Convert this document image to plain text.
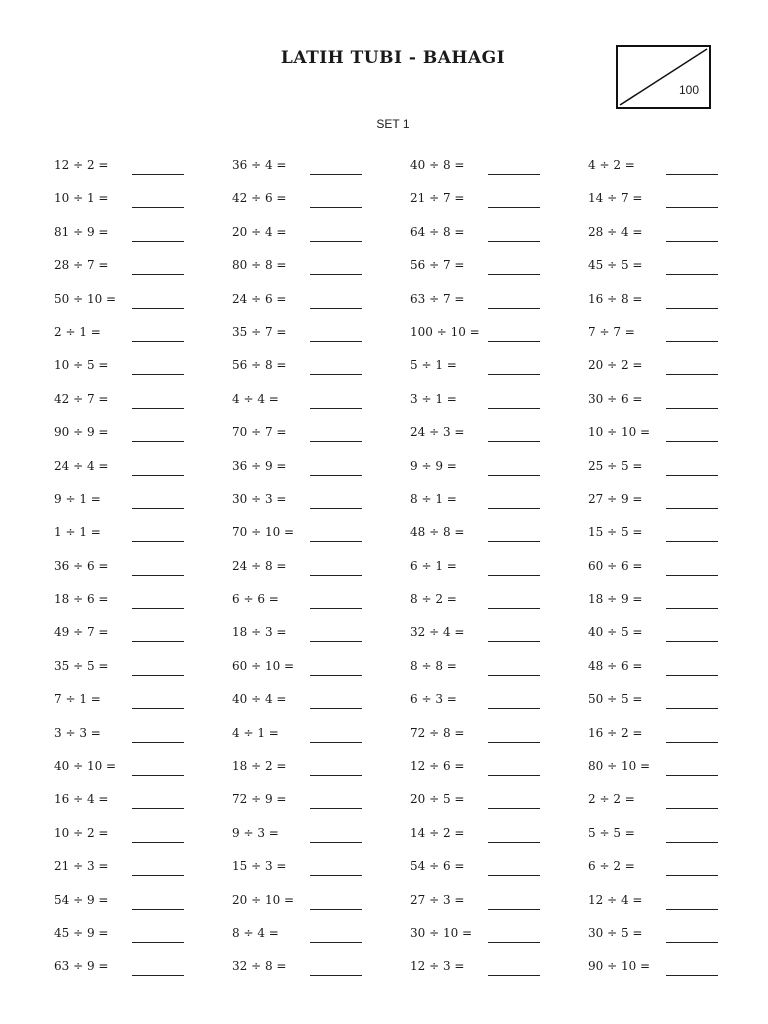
LATIH TUBI - BAHAGI
100
SET 1
12 ÷ 2 =	36 ÷ 4 =	40 ÷ 8 =	4 ÷ 2 =
10 ÷ 1 =	42 ÷ 6 =	21 ÷ 7 =	14 ÷ 7 =
81 ÷ 9 =	20 ÷ 4 =	64 ÷ 8 =	28 ÷ 4 =
28 ÷ 7 =	80 ÷ 8 =	56 ÷ 7 =	45 ÷ 5 =
50 ÷ 10 =	24 ÷ 6 =	63 ÷ 7 =	16 ÷ 8 =
2 ÷ 1 =	35 ÷ 7 =	100 ÷ 10 =	7 ÷ 7 =
10 ÷ 5 =	56 ÷ 8 =	5 ÷ 1 =	20 ÷ 2 =
42 ÷ 7 =	4 ÷ 4 =	3 ÷ 1 =	30 ÷ 6 =
90 ÷ 9 =	70 ÷ 7 =	24 ÷ 3 =	10 ÷ 10 =
24 ÷ 4 =	36 ÷ 9 =	9 ÷ 9 =	25 ÷ 5 =
9 ÷ 1 =	30 ÷ 3 =	8 ÷ 1 =	27 ÷ 9 =
1 ÷ 1 =	70 ÷ 10 =	48 ÷ 8 =	15 ÷ 5 =
36 ÷ 6 =	24 ÷ 8 =	6 ÷ 1 =	60 ÷ 6 =
18 ÷ 6 =	6 ÷ 6 =	8 ÷ 2 =	18 ÷ 9 =
49 ÷ 7 =	18 ÷ 3 =	32 ÷ 4 =	40 ÷ 5 =
35 ÷ 5 =	60 ÷ 10 =	8 ÷ 8 =	48 ÷ 6 =
7 ÷ 1 =	40 ÷ 4 =	6 ÷ 3 =	50 ÷ 5 =
3 ÷ 3 =	4 ÷ 1 =	72 ÷ 8 =	16 ÷ 2 =
40 ÷ 10 =	18 ÷ 2 =	12 ÷ 6 =	80 ÷ 10 =
16 ÷ 4 =	72 ÷ 9 =	20 ÷ 5 =	2 ÷ 2 =
10 ÷ 2 =	9 ÷ 3 =	14 ÷ 2 =	5 ÷ 5 =
21 ÷ 3 =	15 ÷ 3 =	54 ÷ 6 =	6 ÷ 2 =
54 ÷ 9 =	20 ÷ 10 =	27 ÷ 3 =	12 ÷ 4 =
45 ÷ 9 =	8 ÷ 4 =	30 ÷ 10 =	30 ÷ 5 =
63 ÷ 9 =	32 ÷ 8 =	12 ÷ 3 =	90 ÷ 10 =
